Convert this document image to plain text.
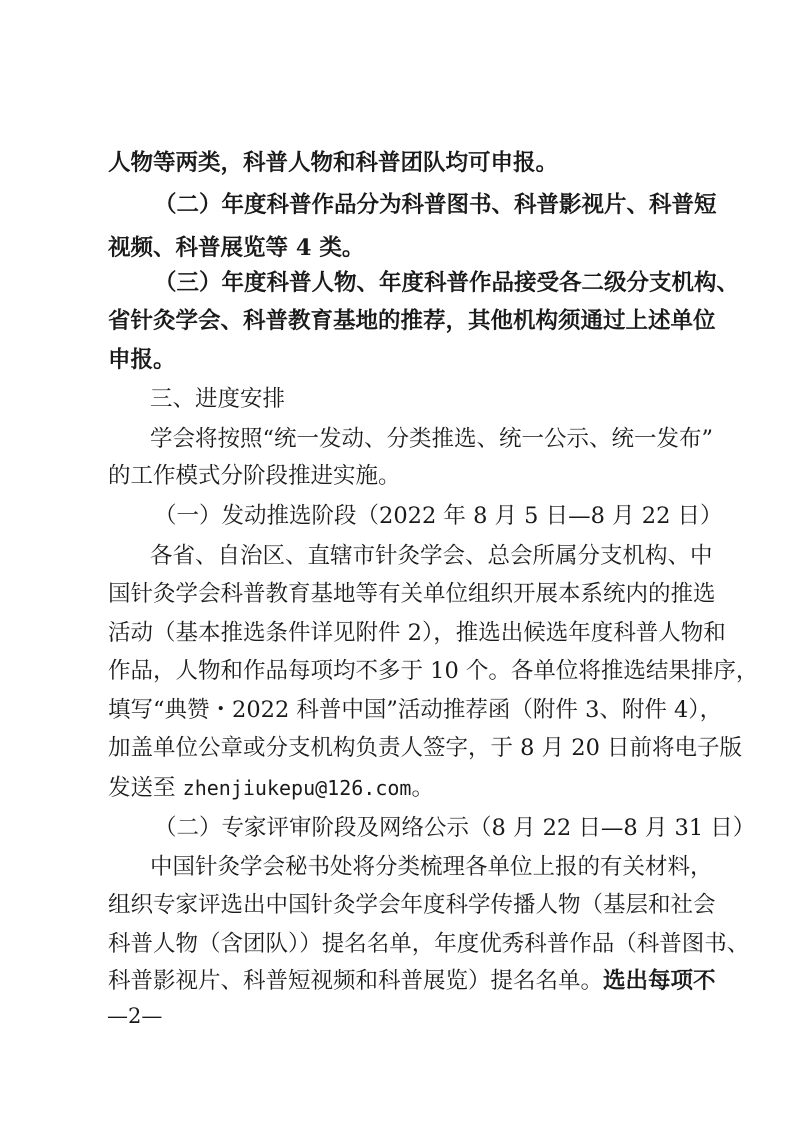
人物等两类，科普人物和科普团队均可申报。
（二）年度科普作品分为科普图书、科普影视片、科普短
视频、科普展览等 4 类。
（三）年度科普人物、年度科普作品接受各二级分支机构、
省针灸学会、科普教育基地的推荐，其他机构须通过上述单位
申报。
三、进度安排
学会将按照“统一发动、分类推选、统一公示、统一发布”
的工作模式分阶段推进实施。
（一）发动推选阶段（2022 年 8 月 5 日—8 月 22 日）
各省、自治区、直辖市针灸学会、总会所属分支机构、中
国针灸学会科普教育基地等有关单位组织开展本系统内的推选
活动（基本推选条件详见附件 2），推选出候选年度科普人物和
作品，人物和作品每项均不多于 10 个。各单位将推选结果排序，
填写“典赞・2022 科普中国”活动推荐函（附件 3、附件 4），
加盖单位公章或分支机构负责人签字，于 8 月 20 日前将电子版
发送至 zhenjiukepu@126.com。
（二）专家评审阶段及网络公示（8 月 22 日—8 月 31 日）
中国针灸学会秘书处将分类梳理各单位上报的有关材料，
组织专家评选出中国针灸学会年度科学传播人物（基层和社会
科普人物（含团队））提名名单，年度优秀科普作品（科普图书、
科普影视片、科普短视频和科普展览）提名名单。选出每项不
—2—
